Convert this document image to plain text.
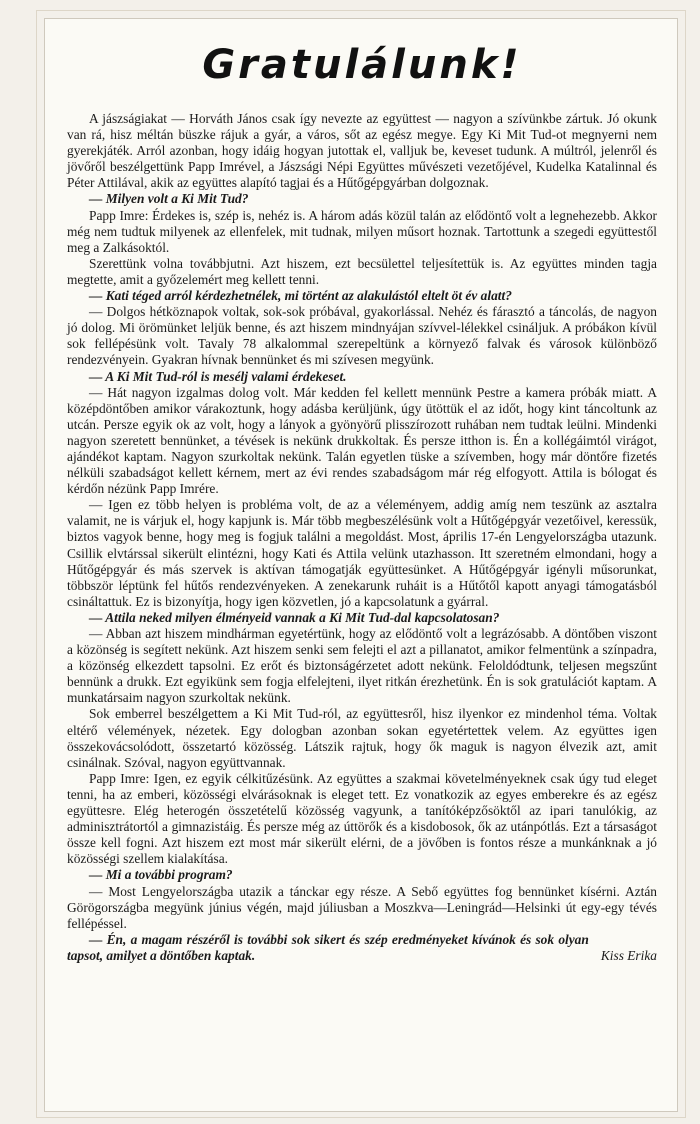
Gratulálunk!

A jászságiakat — Horváth János csak így nevezte az együttest — nagyon a szívünkbe zártuk. Jó okunk van rá, hisz méltán büszke rájuk a gyár, a város, sőt az egész megye. Egy Ki Mit Tud-ot megnyerni nem gyerekjáték. Arról azonban, hogy idáig hogyan jutottak el, valljuk be, keveset tudunk. A múltról, jelenről és jövőről beszélgettünk Papp Imrével, a Jászsági Népi Együttes művészeti vezetőjével, Kudelka Katalinnal és Péter Attilával, akik az együttes alapító tagjai és a Hűtőgépgyárban dolgoznak.

— Milyen volt a Ki Mit Tud?

Papp Imre: Érdekes is, szép is, nehéz is. A három adás közül talán az elődöntő volt a legnehezebb. Akkor még nem tudtuk milyenek az ellenfelek, mit tudnak, milyen műsort hoznak. Tartottunk a szegedi együttestől meg a Zalkásoktól.

Szerettünk volna továbbjutni. Azt hiszem, ezt becsülettel teljesítettük is. Az együttes minden tagja megtette, amit a győzelemért meg kellett tenni.

— Kati téged arról kérdezhetnélek, mi történt az alakulástól eltelt öt év alatt?

— Dolgos hétköznapok voltak, sok-sok próbával, gyakorlással. Nehéz és fárasztó a táncolás, de nagyon jó dolog. Mi örömünket leljük benne, és azt hiszem mindnyájan szívvel-lélekkel csináljuk. A próbákon kívül sok fellépésünk volt. Tavaly 78 alkalommal szerepeltünk a környező falvak és városok különböző rendezvényein. Gyakran hívnak bennünket és mi szívesen megyünk.

— A Ki Mit Tud-ról is mesélj valami érdekeset.

— Hát nagyon izgalmas dolog volt. Már kedden fel kellett mennünk Pestre a kamera próbák miatt. A középdöntőben amikor várakoztunk, hogy adásba kerüljünk, úgy ütöttük el az időt, hogy kint táncoltunk az utcán. Persze egyik ok az volt, hogy a lányok a gyönyörű plisszírozott ruhában nem tudtak leülni. Mindenki nagyon szeretett bennünket, a tévések is nekünk drukkoltak. És persze itthon is. Én a kollégáimtól virágot, ajándékot kaptam. Nagyon szurkoltak nekünk. Talán egyetlen tüske a szívemben, hogy már döntőre fizetés nélküli szabadságot kellett kérnem, mert az évi rendes szabadságom már rég elfogyott. Attila is bólogat és kérdőn nézünk Papp Imrére.

— Igen ez több helyen is probléma volt, de az a véleményem, addig amíg nem teszünk az asztalra valamit, ne is várjuk el, hogy kapjunk is. Már több megbeszélésünk volt a Hűtőgépgyár vezetőivel, keressük, biztos vagyok benne, hogy meg is fogjuk találni a megoldást. Most, április 17-én Lengyelországba utazunk. Csillik elvtárssal sikerült elintézni, hogy Kati és Attila velünk utazhasson. Itt szeretném elmondani, hogy a Hűtőgépgyár és más szervek is aktívan támogatják együttesünket. A Hűtőgépgyár igényli műsorunkat, többször léptünk fel hűtős rendezvényeken. A zenekarunk ruháit is a Hűtőtől kapott anyagi támogatásból csináltattuk. Ez is bizonyítja, hogy igen közvetlen, jó a kapcsolatunk a gyárral.

— Attila neked milyen élményeid vannak a Ki Mit Tud-dal kapcsolatosan?

— Abban azt hiszem mindhárman egyetértünk, hogy az elődöntő volt a legrázósabb. A döntőben viszont a közönség is segített nekünk. Azt hiszem senki sem felejti el azt a pillanatot, amikor felmentünk a színpadra, a közönség elkezdett tapsolni. Ez erőt és biztonságérzetet adott nekünk. Feloldódtunk, teljesen megszűnt bennünk a drukk. Ezt egyikünk sem fogja elfelejteni, ilyet ritkán érezhetünk. Én is sok gratulációt kaptam. A munkatársaim nagyon szurkoltak nekünk.

Sok emberrel beszélgettem a Ki Mit Tud-ról, az együttesről, hisz ilyenkor ez mindenhol téma. Voltak eltérő vélemények, nézetek. Egy dologban azonban sokan egyetértettek velem. Az együttes igen összekovácsolódott, összetartó közösség. Látszik rajtuk, hogy ők maguk is nagyon élvezik azt, amit csinálnak. Szóval, nagyon együttvannak.

Papp Imre: Igen, ez egyik célkitűzésünk. Az együttes a szakmai követelményeknek csak úgy tud eleget tenni, ha az emberi, közösségi elvárásoknak is eleget tett. Ez vonatkozik az egyes emberekre és az egész együttesre. Elég heterogén összetételű közösség vagyunk, a tanítóképzősöktől az ipari tanulókig, az adminisztrátortól a gimnazistáig. És persze még az úttörők és a kisdobosok, ők az utánpótlás. Ezt a társaságot össze kell fogni. Azt hiszem ezt most már sikerült elérni, de a jövőben is fontos része a munkánknak a jó közösségi szellem kialakítása.

— Mi a további program?

— Most Lengyelországba utazik a tánckar egy része. A Sebő együttes fog bennünket kísérni. Aztán Görögországba megyünk június végén, majd júliusban a Moszkva—Leningrád—Helsinki út egy-egy tévés fellépéssel.

— Én, a magam részéről is további sok sikert és szép eredményeket kívánok és sok olyan tapsot, amilyet a döntőben kaptak.	Kiss Erika
